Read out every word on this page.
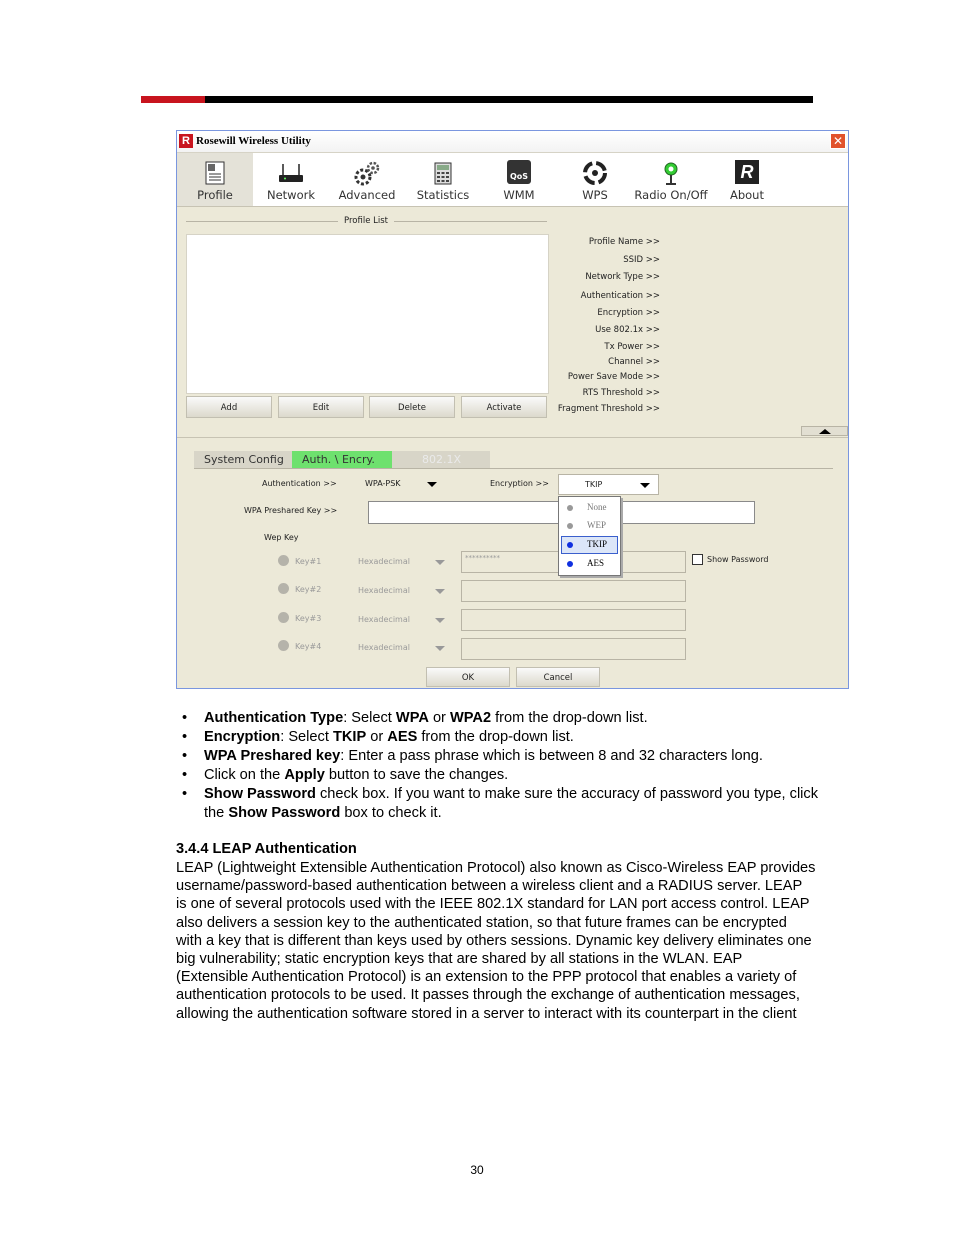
R Rosewill Wireless Utility	✕
Profile	Network	Advanced	Statistics
QoS
WMM	WPS	Radio On/Off
R
About
Profile List
Add	Edit	Delete	Activate
Profile Name >>
SSID >>
Network Type >>
Authentication >>
Encryption >>
Use 802.1x >>
Tx Power >>
Channel >>
Power Save Mode >>
RTS Threshold >>
Fragment Threshold >>
System Config	Auth. \ Encry.	802.1X
Authentication >>	WPA-PSK	Encryption >>	TKIP
WPA Preshared Key >>
Wep Key
Key#1	Hexadecimal	**********
Key#2	Hexadecimal
Key#3	Hexadecimal
Key#4	Hexadecimal
Show Password
OK	Cancel
None
WEP
TKIP
AES
• Authentication Type: Select WPA or WPA2 from the drop-down list.
• Encryption: Select TKIP or AES from the drop-down list.
• WPA Preshared key: Enter a pass phrase which is between 8 and 32 characters long.
• Click on the Apply button to save the changes.
• Show Password check box. If you want to make sure the accuracy of password you type, click the Show Password box to check it.
3.4.4 LEAP Authentication

LEAP (Lightweight Extensible Authentication Protocol) also known as Cisco-Wireless EAP provides username/password-based authentication between a wireless client and a RADIUS server. LEAP is one of several protocols used with the IEEE 802.1X standard for LAN port access control. LEAP also delivers a session key to the authenticated station, so that future frames can be encrypted with a key that is different than keys used by others sessions. Dynamic key delivery eliminates one big vulnerability; static encryption keys that are shared by all stations in the WLAN. EAP (Extensible Authentication Protocol) is an extension to the PPP protocol that enables a variety of authentication protocols to be used. It passes through the exchange of authentication messages, allowing the authentication software stored in a server to interact with its counterpart in the client

30
